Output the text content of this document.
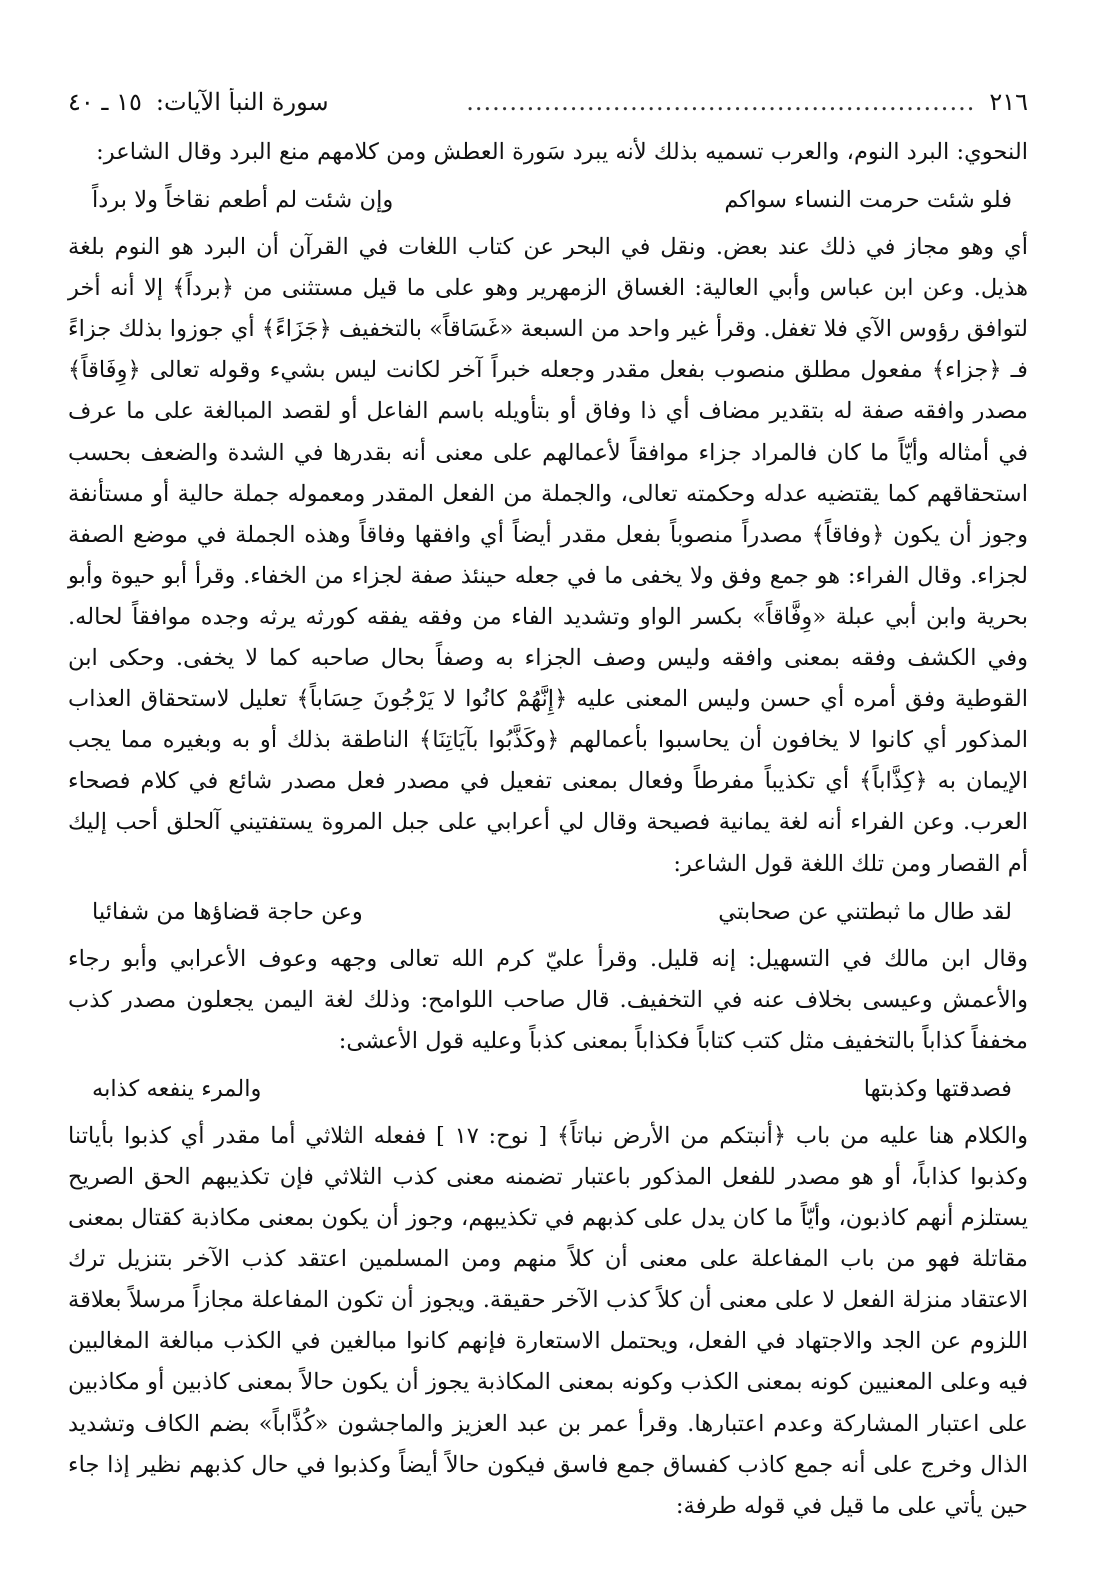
٢١٦
...........................................................
سورة النبأ الآيات:
١٥ ـ ٤٠

النحوي: البرد النوم، والعرب تسميه بذلك لأنه يبرد سَورة العطش ومن كلامهم منع البرد وقال الشاعر:

فلو شئت حرمت النساء سواكم
وإن شئت لم أطعم نقاخاً ولا برداً

أي وهو مجاز في ذلك عند بعض. ونقل في البحر عن كتاب اللغات في القرآن أن البرد هو النوم بلغة هذيل. وعن ابن عباس وأبي العالية: الغساق الزمهرير وهو على ما قيل مستثنى من ﴿برداً﴾ إلا أنه أخر لتوافق رؤوس الآي فلا تغفل. وقرأ غير واحد من السبعة «غَسَاقاً» بالتخفيف ﴿جَزَاءً﴾ أي جوزوا بذلك جزاءً فـ ﴿جزاء﴾ مفعول مطلق منصوب بفعل مقدر وجعله خبراً آخر لكانت ليس بشيء وقوله تعالى ﴿وِفَاقاً﴾ مصدر وافقه صفة له بتقدير مضاف أي ذا وفاق أو بتأويله باسم الفاعل أو لقصد المبالغة على ما عرف في أمثاله وأيّاً ما كان فالمراد جزاء موافقاً لأعمالهم على معنى أنه بقدرها في الشدة والضعف بحسب استحقاقهم كما يقتضيه عدله وحكمته تعالى، والجملة من الفعل المقدر ومعموله جملة حالية أو مستأنفة وجوز أن يكون ﴿وفاقاً﴾ مصدراً منصوباً بفعل مقدر أيضاً أي وافقها وفاقاً وهذه الجملة في موضع الصفة لجزاء. وقال الفراء: هو جمع وفق ولا يخفى ما في جعله حينئذ صفة لجزاء من الخفاء. وقرأ أبو حيوة وأبو بحرية وابن أبي عبلة «وِفَّاقاً» بكسر الواو وتشديد الفاء من وفقه يفقه كورثه يرثه وجده موافقاً لحاله. وفي الكشف وفقه بمعنى وافقه وليس وصف الجزاء به وصفاً بحال صاحبه كما لا يخفى. وحكى ابن القوطية وفق أمره أي حسن وليس المعنى عليه ﴿إِنَّهُمْ كانُوا لا يَرْجُونَ حِسَاباً﴾ تعليل لاستحقاق العذاب المذكور أي كانوا لا يخافون أن يحاسبوا بأعمالهم ﴿وكَذَّبُوا بآيَاتِنَا﴾ الناطقة بذلك أو به وبغيره مما يجب الإيمان به ﴿كِذَّاباً﴾ أي تكذيباً مفرطاً وفعال بمعنى تفعيل في مصدر فعل مصدر شائع في كلام فصحاء العرب. وعن الفراء أنه لغة يمانية فصيحة وقال لي أعرابي على جبل المروة يستفتيني آلحلق أحب إليك أم القصار ومن تلك اللغة قول الشاعر:

لقد طال ما ثبطتني عن صحابتي
وعن حاجة قضاؤها من شفائيا

وقال ابن مالك في التسهيل: إنه قليل. وقرأ عليّ كرم الله تعالى وجهه وعوف الأعرابي وأبو رجاء والأعمش وعيسى بخلاف عنه في التخفيف. قال صاحب اللوامح: وذلك لغة اليمن يجعلون مصدر كذب مخففاً كذاباً بالتخفيف مثل كتب كتاباً فكذاباً بمعنى كذباً وعليه قول الأعشى:

فصدقتها وكذبتها
والمرء ينفعه كذابه

والكلام هنا عليه من باب ﴿أنبتكم من الأرض نباتاً﴾ [ نوح: ١٧ ] ففعله الثلاثي أما مقدر أي كذبوا بأياتنا وكذبوا كذاباً، أو هو مصدر للفعل المذكور باعتبار تضمنه معنى كذب الثلاثي فإن تكذيبهم الحق الصريح يستلزم أنهم كاذبون، وأيّاً ما كان يدل على كذبهم في تكذيبهم، وجوز أن يكون بمعنى مكاذبة كقتال بمعنى مقاتلة فهو من باب المفاعلة على معنى أن كلاً منهم ومن المسلمين اعتقد كذب الآخر بتنزيل ترك الاعتقاد منزلة الفعل لا على معنى أن كلاً كذب الآخر حقيقة. ويجوز أن تكون المفاعلة مجازاً مرسلاً بعلاقة اللزوم عن الجد والاجتهاد في الفعل، ويحتمل الاستعارة فإنهم كانوا مبالغين في الكذب مبالغة المغالبين فيه وعلى المعنيين كونه بمعنى الكذب وكونه بمعنى المكاذبة يجوز أن يكون حالاً بمعنى كاذبين أو مكاذبين على اعتبار المشاركة وعدم اعتبارها. وقرأ عمر بن عبد العزيز والماجشون «كُذَّاباً» بضم الكاف وتشديد الذال وخرج على أنه جمع كاذب كفساق جمع فاسق فيكون حالاً أيضاً وكذبوا في حال كذبهم نظير إذا جاء حين يأتي على ما قيل في قوله طرفة:
